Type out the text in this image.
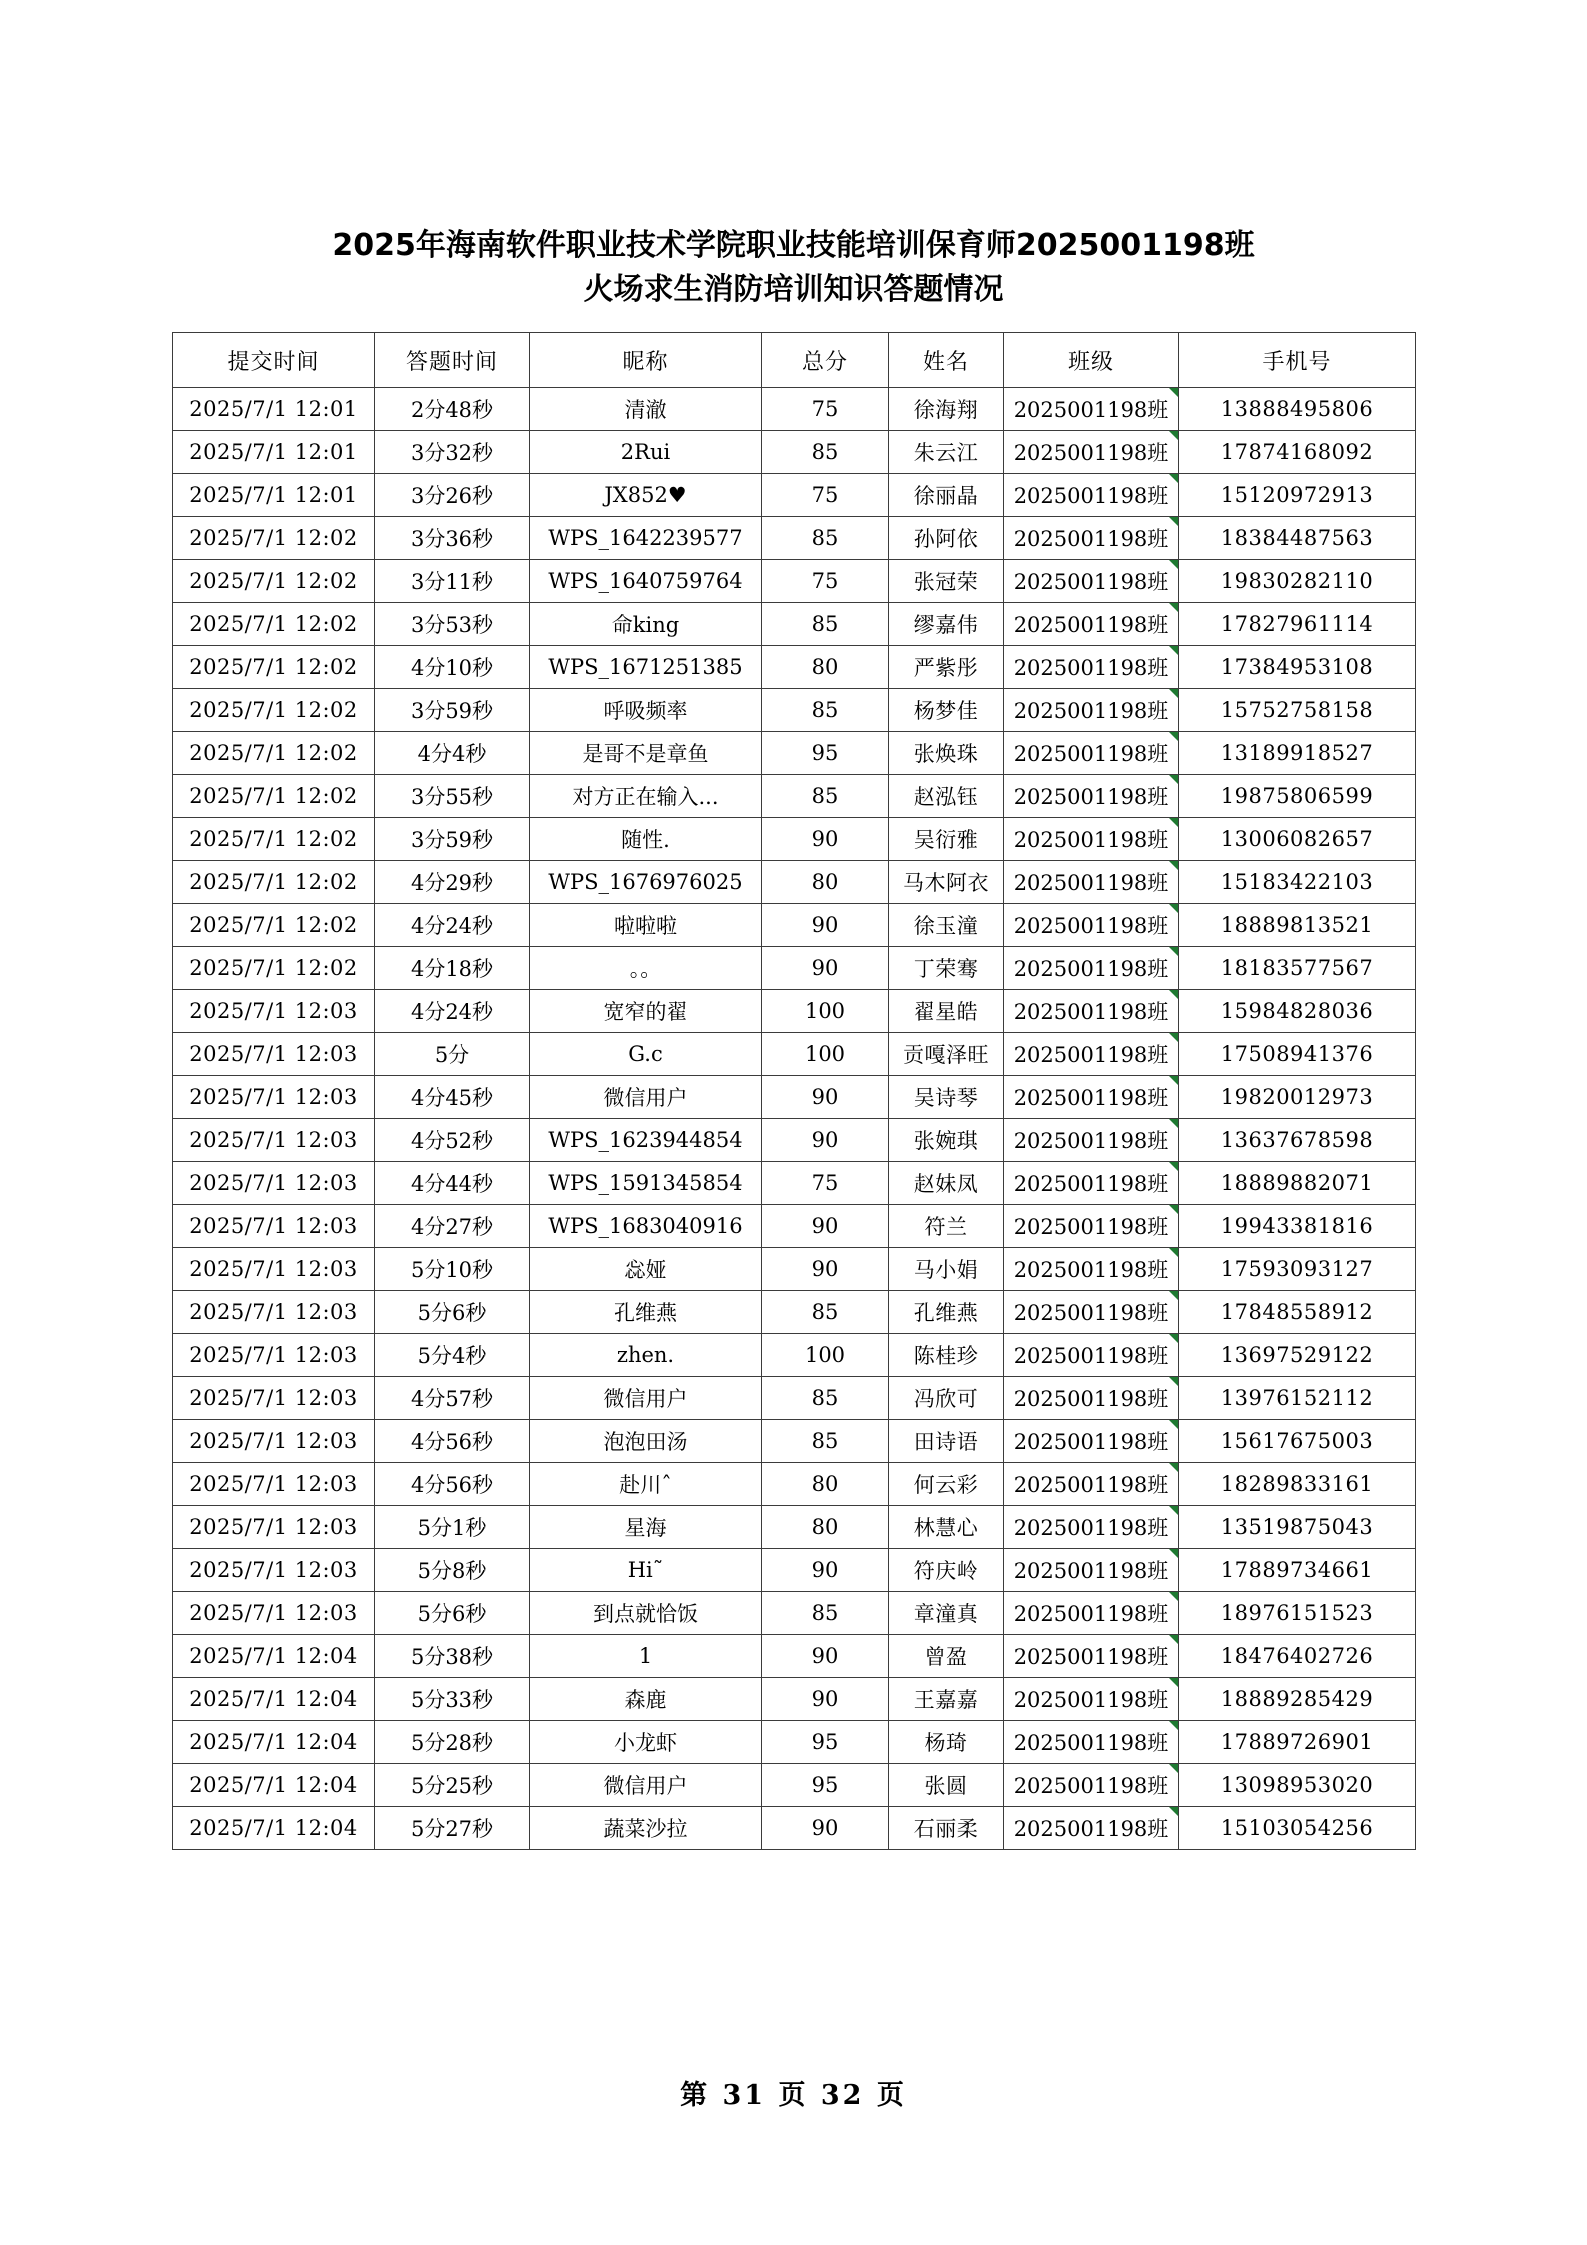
2025年海南软件职业技术学院职业技能培训保育师2025001198班
火场求生消防培训知识答题情况
提交时间	答题时间	昵称	总分	姓名	班级	手机号
2025/7/1 12:01	2分48秒	清澈	75	徐海翔	2025001198班	13888495806
2025/7/1 12:01	3分32秒	2Rui	85	朱云江	2025001198班	17874168092
2025/7/1 12:01	3分26秒	JX852♥	75	徐丽晶	2025001198班	15120972913
2025/7/1 12:02	3分36秒	WPS_1642239577	85	孙阿依	2025001198班	18384487563
2025/7/1 12:02	3分11秒	WPS_1640759764	75	张冠荣	2025001198班	19830282110
2025/7/1 12:02	3分53秒	命king	85	缪嘉伟	2025001198班	17827961114
2025/7/1 12:02	4分10秒	WPS_1671251385	80	严紫彤	2025001198班	17384953108
2025/7/1 12:02	3分59秒	呼吸频率	85	杨梦佳	2025001198班	15752758158
2025/7/1 12:02	4分4秒	是哥不是章鱼	95	张焕珠	2025001198班	13189918527
2025/7/1 12:02	3分55秒	对方正在输入...	85	赵泓钰	2025001198班	19875806599
2025/7/1 12:02	3分59秒	随性.	90	吴衍雅	2025001198班	13006082657
2025/7/1 12:02	4分29秒	WPS_1676976025	80	马木阿衣	2025001198班	15183422103
2025/7/1 12:02	4分24秒	啦啦啦	90	徐玉潼	2025001198班	18889813521
2025/7/1 12:02	4分18秒	。。	90	丁荣骞	2025001198班	18183577567
2025/7/1 12:03	4分24秒	宽窄的翟	100	翟星皓	2025001198班	15984828036
2025/7/1 12:03	5分	G.c	100	贡嘎泽旺	2025001198班	17508941376
2025/7/1 12:03	4分45秒	微信用户	90	吴诗琴	2025001198班	19820012973
2025/7/1 12:03	4分52秒	WPS_1623944854	90	张婉琪	2025001198班	13637678598
2025/7/1 12:03	4分44秒	WPS_1591345854	75	赵妹凤	2025001198班	18889882071
2025/7/1 12:03	4分27秒	WPS_1683040916	90	符兰	2025001198班	19943381816
2025/7/1 12:03	5分10秒	惢娅	90	马小娟	2025001198班	17593093127
2025/7/1 12:03	5分6秒	孔维燕	85	孔维燕	2025001198班	17848558912
2025/7/1 12:03	5分4秒	zhen.	100	陈桂珍	2025001198班	13697529122
2025/7/1 12:03	4分57秒	微信用户	85	冯欣可	2025001198班	13976152112
2025/7/1 12:03	4分56秒	泡泡田汤	85	田诗语	2025001198班	15617675003
2025/7/1 12:03	4分56秒	赴川ˆ	80	何云彩	2025001198班	18289833161
2025/7/1 12:03	5分1秒	星海	80	林慧心	2025001198班	13519875043
2025/7/1 12:03	5分8秒	Hi˜	90	符庆岭	2025001198班	17889734661
2025/7/1 12:03	5分6秒	到点就恰饭	85	章潼真	2025001198班	18976151523
2025/7/1 12:04	5分38秒	1	90	曾盈	2025001198班	18476402726
2025/7/1 12:04	5分33秒	森鹿	90	王嘉嘉	2025001198班	18889285429
2025/7/1 12:04	5分28秒	小龙虾	95	杨琦	2025001198班	17889726901
2025/7/1 12:04	5分25秒	微信用户	95	张圆	2025001198班	13098953020
2025/7/1 12:04	5分27秒	蔬菜沙拉	90	石丽柔	2025001198班	15103054256
第 31 页 32 页
